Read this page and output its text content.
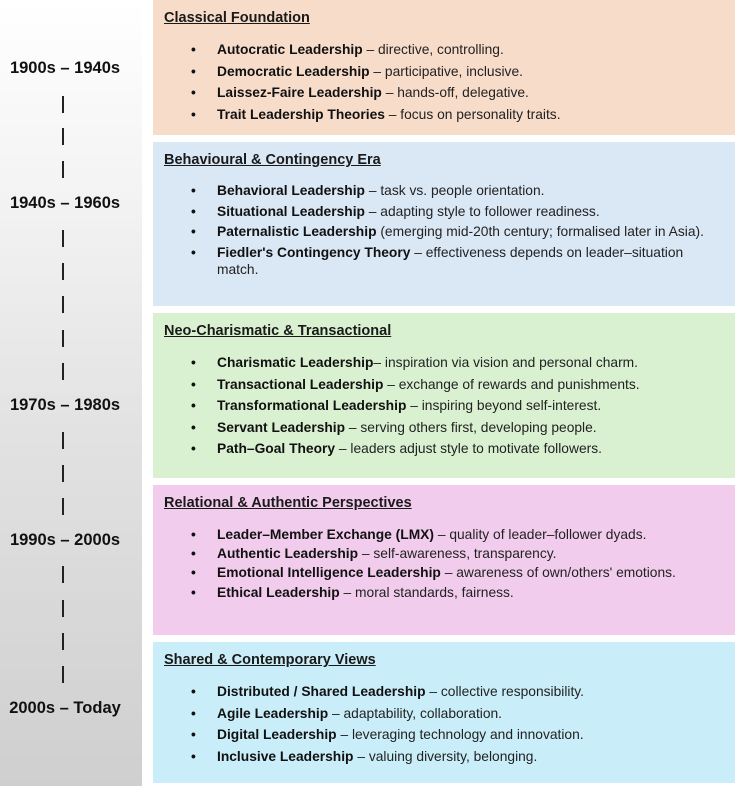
1900s – 1940s
1940s – 1960s
1970s – 1980s
1990s – 2000s
2000s – Today

Classical Foundation

• Autocratic Leadership – directive, controlling.
• Democratic Leadership – participative, inclusive.
• Laissez-Faire Leadership – hands-off, delegative.
• Trait Leadership Theories – focus on personality traits.

Behavioural & Contingency Era

• Behavioral Leadership – task vs. people orientation.
• Situational Leadership – adapting style to follower readiness.
• Paternalistic Leadership (emerging mid-20th century; formalised later in Asia).
• Fiedler's Contingency Theory – effectiveness depends on leader–situation match.

Neo-Charismatic & Transactional

• Charismatic Leadership– inspiration via vision and personal charm.
• Transactional Leadership – exchange of rewards and punishments.
• Transformational Leadership – inspiring beyond self-interest.
• Servant Leadership – serving others first, developing people.
• Path–Goal Theory – leaders adjust style to motivate followers.

Relational & Authentic Perspectives

• Leader–Member Exchange (LMX) – quality of leader–follower dyads.
• Authentic Leadership – self-awareness, transparency.
• Emotional Intelligence Leadership – awareness of own/others' emotions.
• Ethical Leadership – moral standards, fairness.

Shared & Contemporary Views

• Distributed / Shared Leadership – collective responsibility.
• Agile Leadership – adaptability, collaboration.
• Digital Leadership – leveraging technology and innovation.
• Inclusive Leadership – valuing diversity, belonging.
